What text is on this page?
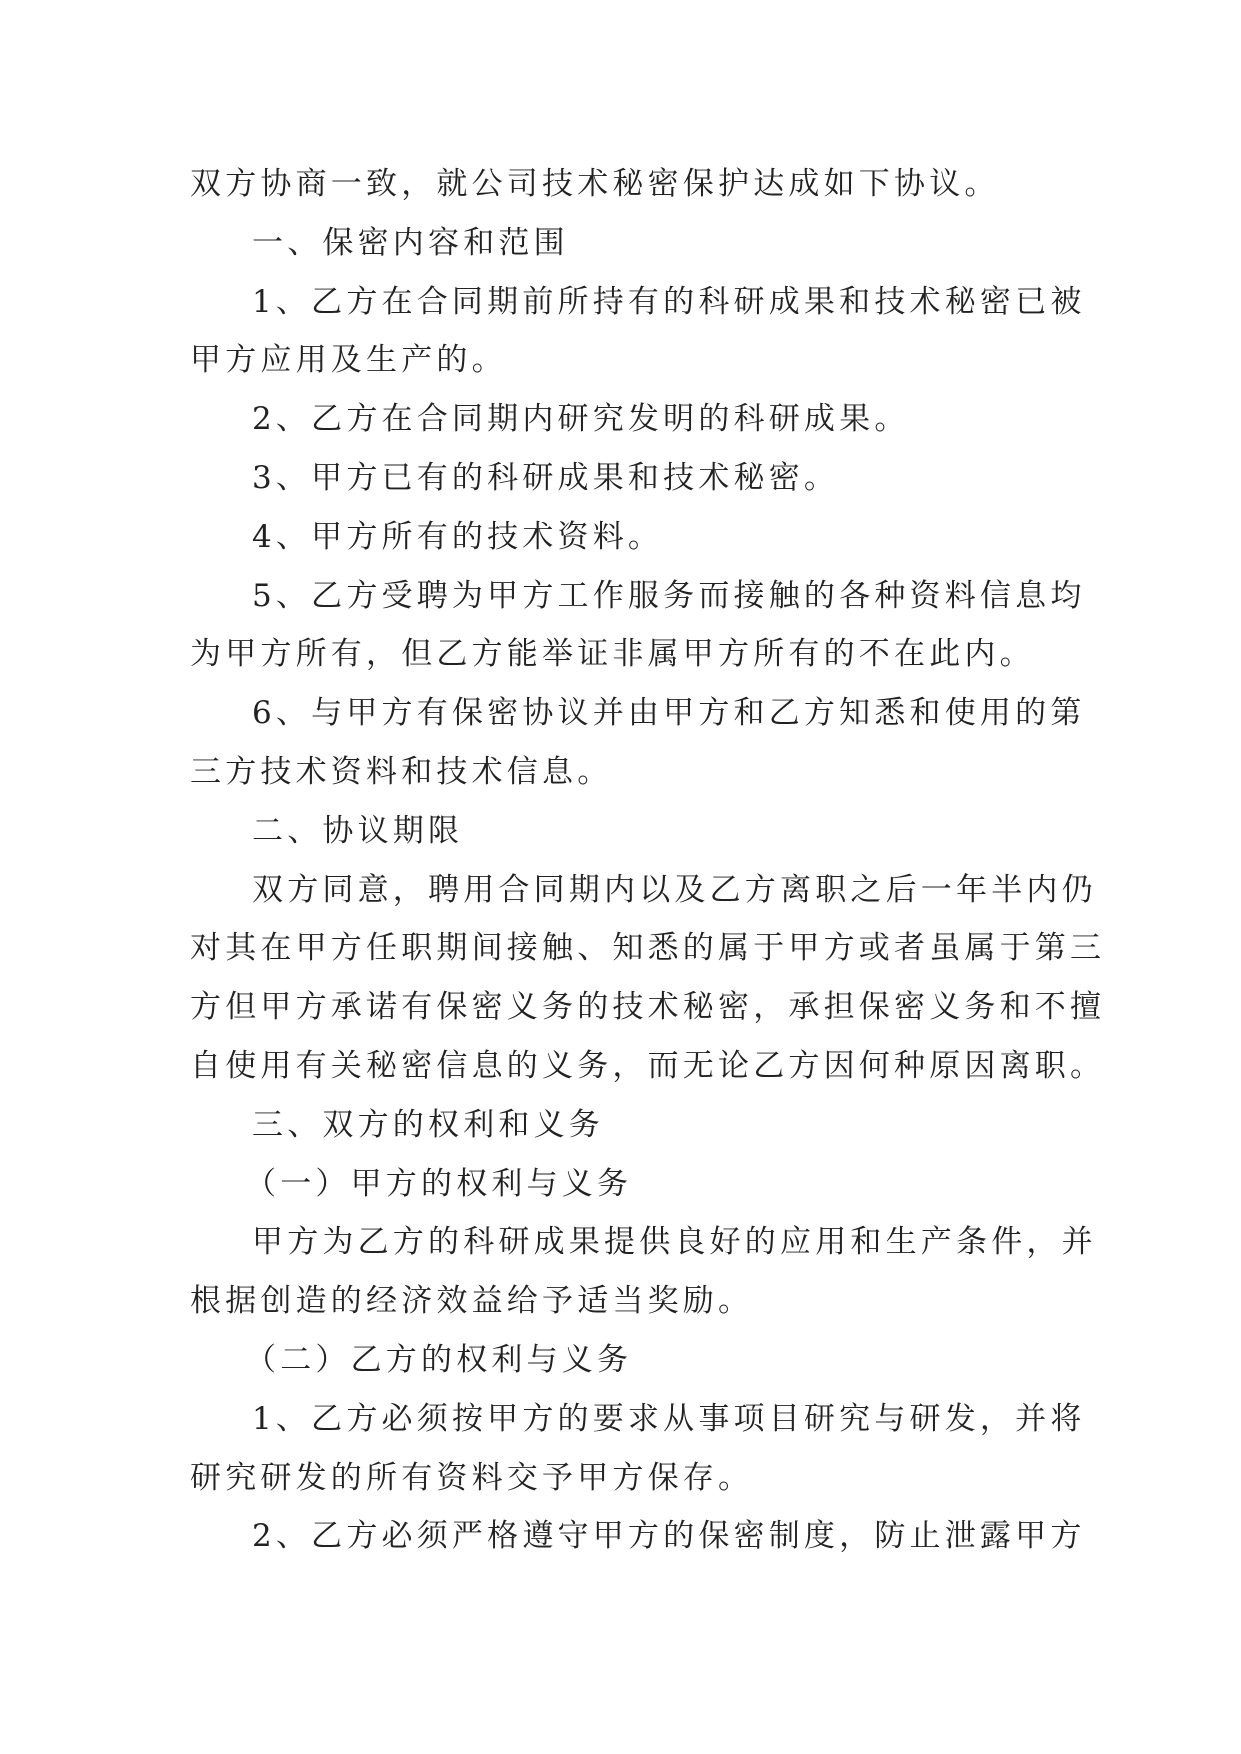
双方协商一致，就公司技术秘密保护达成如下协议。
一、保密内容和范围
1、乙方在合同期前所持有的科研成果和技术秘密已被
甲方应用及生产的。
2、乙方在合同期内研究发明的科研成果。
3、甲方已有的科研成果和技术秘密。
4、甲方所有的技术资料。
5、乙方受聘为甲方工作服务而接触的各种资料信息均
为甲方所有，但乙方能举证非属甲方所有的不在此内。
6、与甲方有保密协议并由甲方和乙方知悉和使用的第
三方技术资料和技术信息。
二、协议期限
双方同意，聘用合同期内以及乙方离职之后一年半内仍
对其在甲方任职期间接触、知悉的属于甲方或者虽属于第三
方但甲方承诺有保密义务的技术秘密，承担保密义务和不擅
自使用有关秘密信息的义务，而无论乙方因何种原因离职。
三、双方的权利和义务
（一）甲方的权利与义务
甲方为乙方的科研成果提供良好的应用和生产条件，并
根据创造的经济效益给予适当奖励。
（二）乙方的权利与义务
1、乙方必须按甲方的要求从事项目研究与研发，并将
研究研发的所有资料交予甲方保存。
2、乙方必须严格遵守甲方的保密制度，防止泄露甲方
